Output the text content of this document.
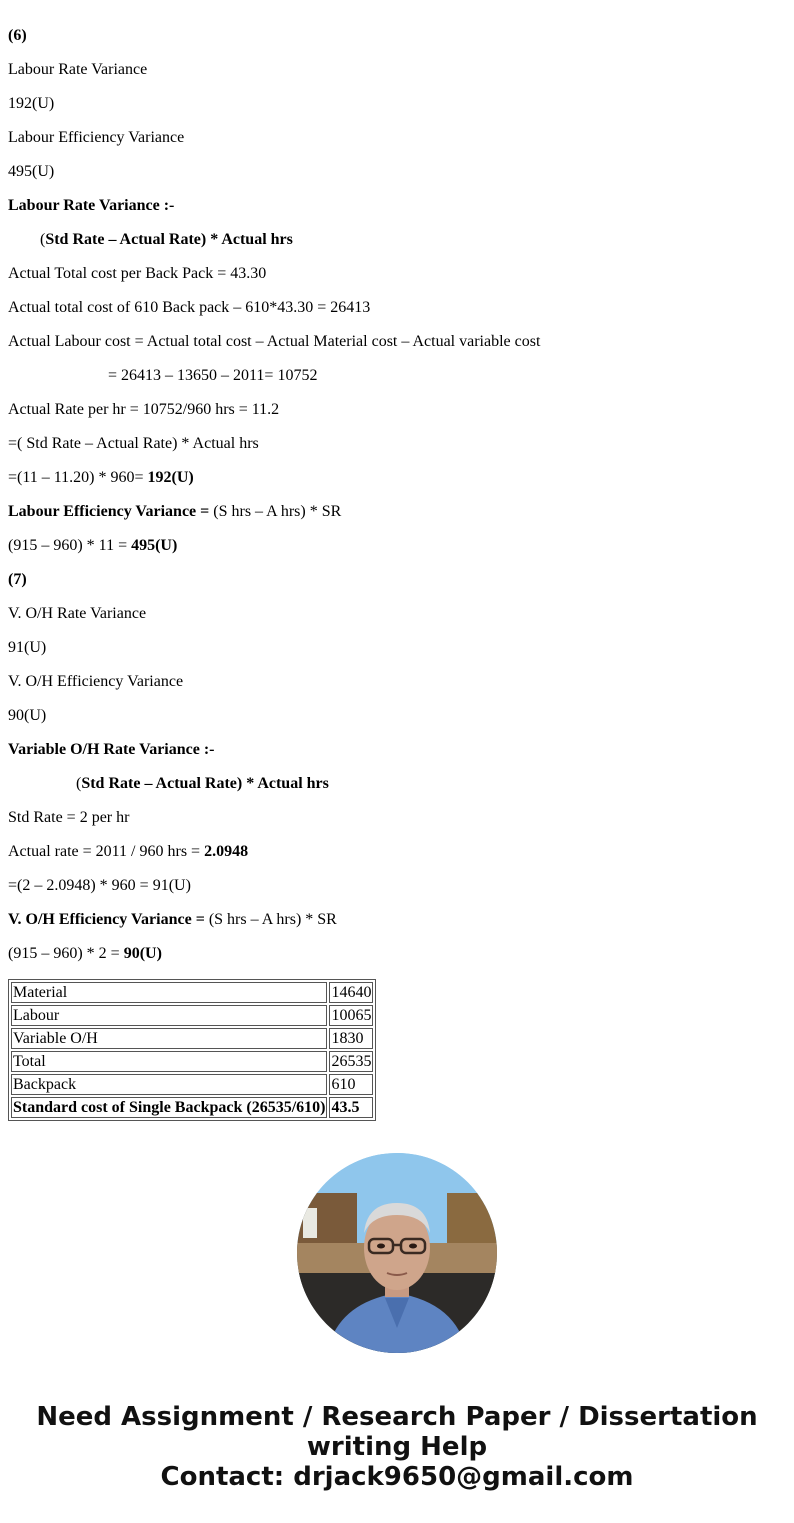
(6)
Labour Rate Variance
192(U)
Labour Efficiency Variance
495(U)
Labour Rate Variance :-
(Std Rate – Actual Rate) * Actual hrs
Actual Total cost per Back Pack = 43.30
Actual total cost of 610 Back pack – 610*43.30 = 26413
Actual Labour cost = Actual total cost – Actual Material cost – Actual variable cost
= 26413 – 13650 – 2011= 10752
Actual Rate per hr = 10752/960 hrs = 11.2
=( Std Rate – Actual Rate) * Actual hrs
=(11 – 11.20) * 960= 192(U)
Labour Efficiency Variance = (S hrs – A hrs) * SR
(915 – 960) * 11 = 495(U)
(7)
V. O/H Rate Variance
91(U)
V. O/H Efficiency Variance
90(U)
Variable O/H Rate Variance :-
(Std Rate – Actual Rate) * Actual hrs
Std Rate = 2 per hr
Actual rate = 2011 / 960 hrs = 2.0948
=(2 – 2.0948) * 960 = 91(U)
V. O/H Efficiency Variance = (S hrs – A hrs) * SR
(915 – 960) * 2 = 90(U)
Material	14640
Labour	10065
Variable O/H	1830
Total	26535
Backpack	610
Standard cost of Single Backpack (26535/610)	43.5
Need Assignment / Research Paper / Dissertation
writing Help
Contact: drjack9650@gmail.com
